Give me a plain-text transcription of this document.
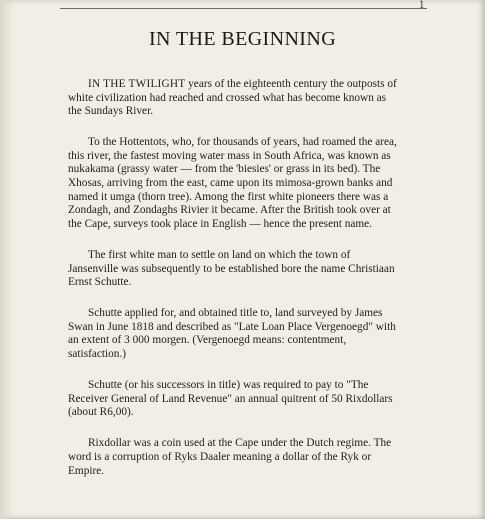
1
IN THE BEGINNING

IN THE TWILIGHT years of the eighteenth century the outposts of white civilization had reached and crossed what has become known as the Sundays River.

To the Hottentots, who, for thousands of years, had roamed the area, this river, the fastest moving water mass in South Africa, was known as nukakama (grassy water — from the 'biesies' or grass in its bed). The Xhosas, arriving from the east, came upon its mimosa-grown banks and named it umga (thorn tree). Among the first white pioneers there was a Zondagh, and Zondaghs Rivier it became. After the British took over at the Cape, surveys took place in English — hence the present name.

The first white man to settle on land on which the town of Jansenville was subsequently to be established bore the name Christiaan Ernst Schutte.

Schutte applied for, and obtained title to, land surveyed by James Swan in June 1818 and described as "Late Loan Place Vergenoegd" with an extent of 3 000 morgen. (Vergenoegd means: contentment, satisfaction.)

Schutte (or his successors in title) was required to pay to "The Receiver General of Land Revenue" an annual quitrent of 50 Rixdollars (about R6,00).

Rixdollar was a coin used at the Cape under the Dutch regime. The word is a corruption of Ryks Daaler meaning a dollar of the Ryk or Empire.
